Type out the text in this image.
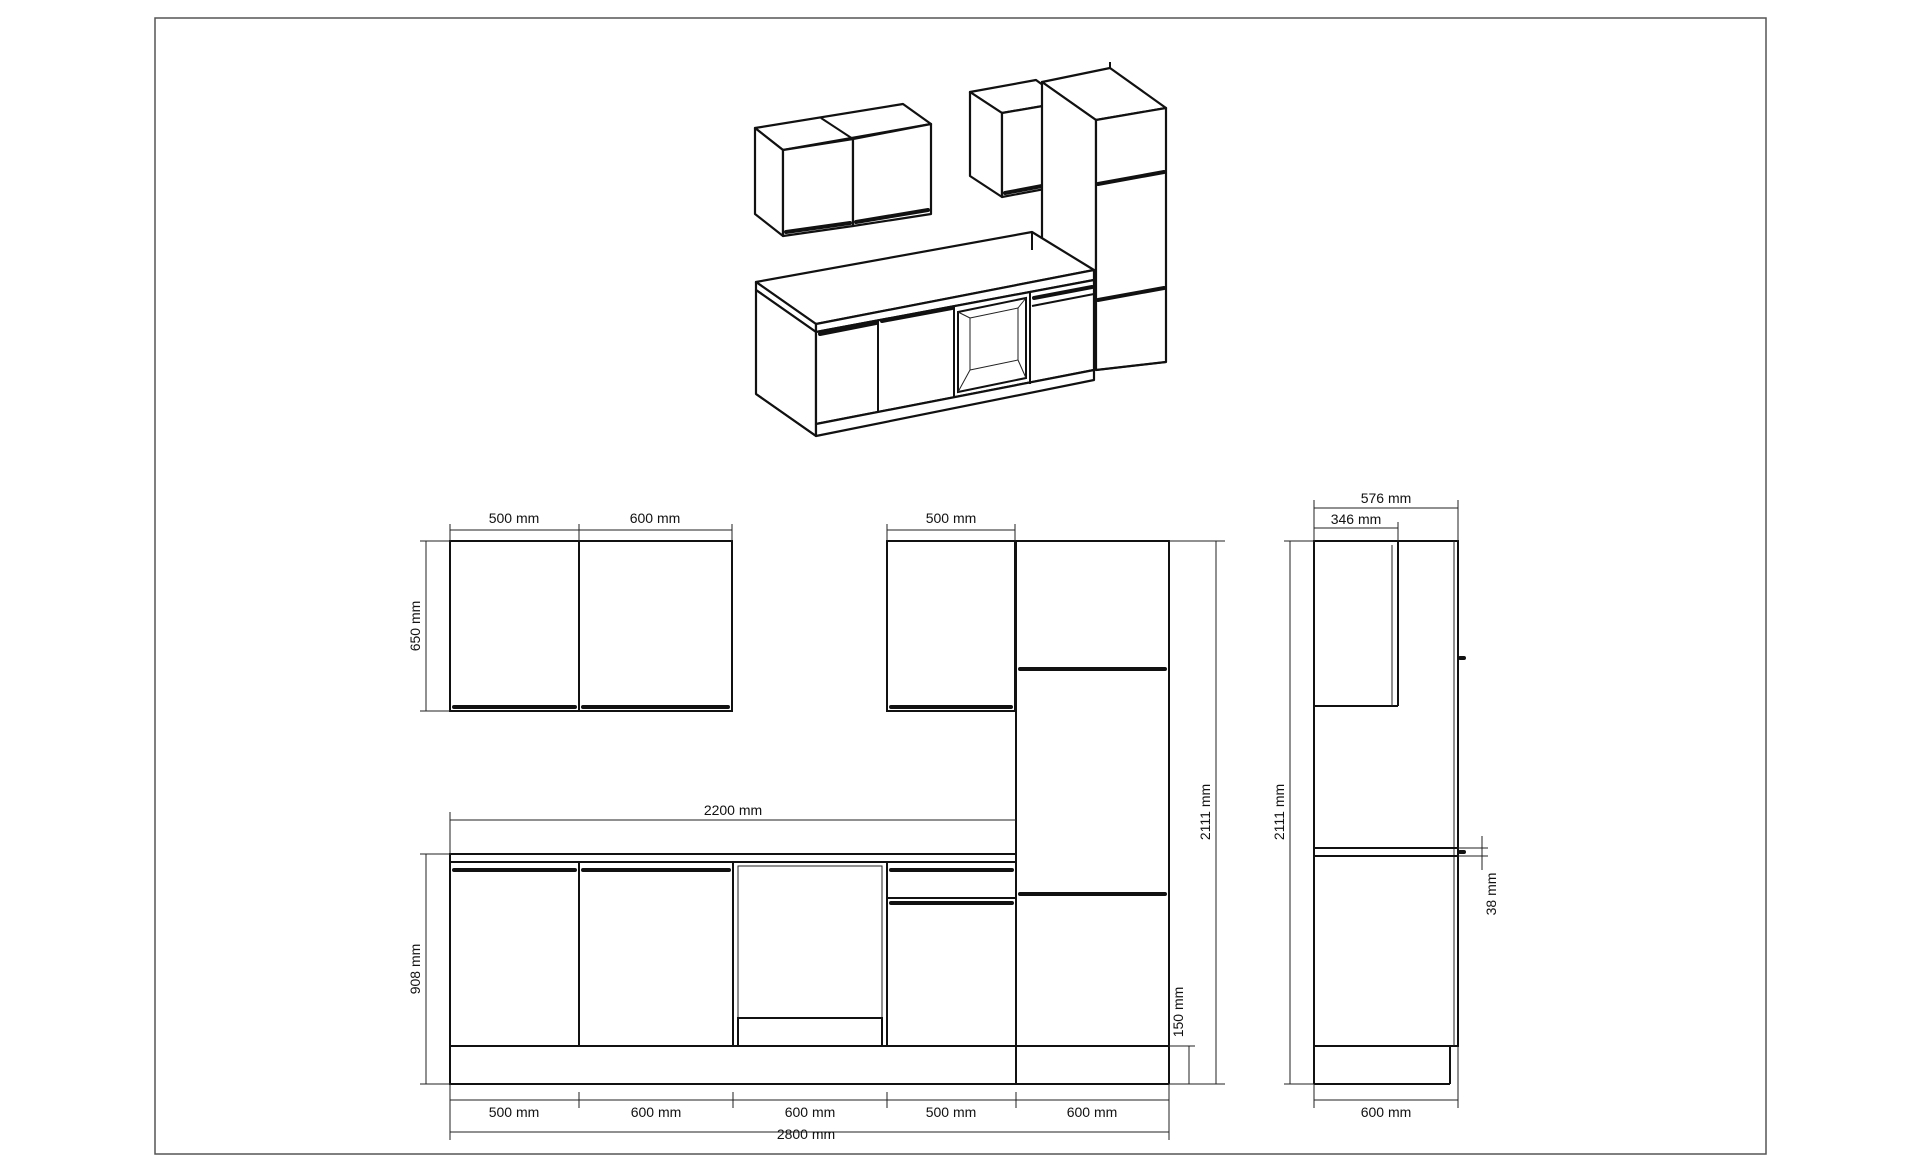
500 mm	600 mm	500 mm
650 mm
2200 mm
908 mm
2111 mm
150 mm
500 mm	600 mm	600 mm	500 mm	600 mm
2800 mm
576 mm
346 mm
2111 mm
38 mm
600 mm
